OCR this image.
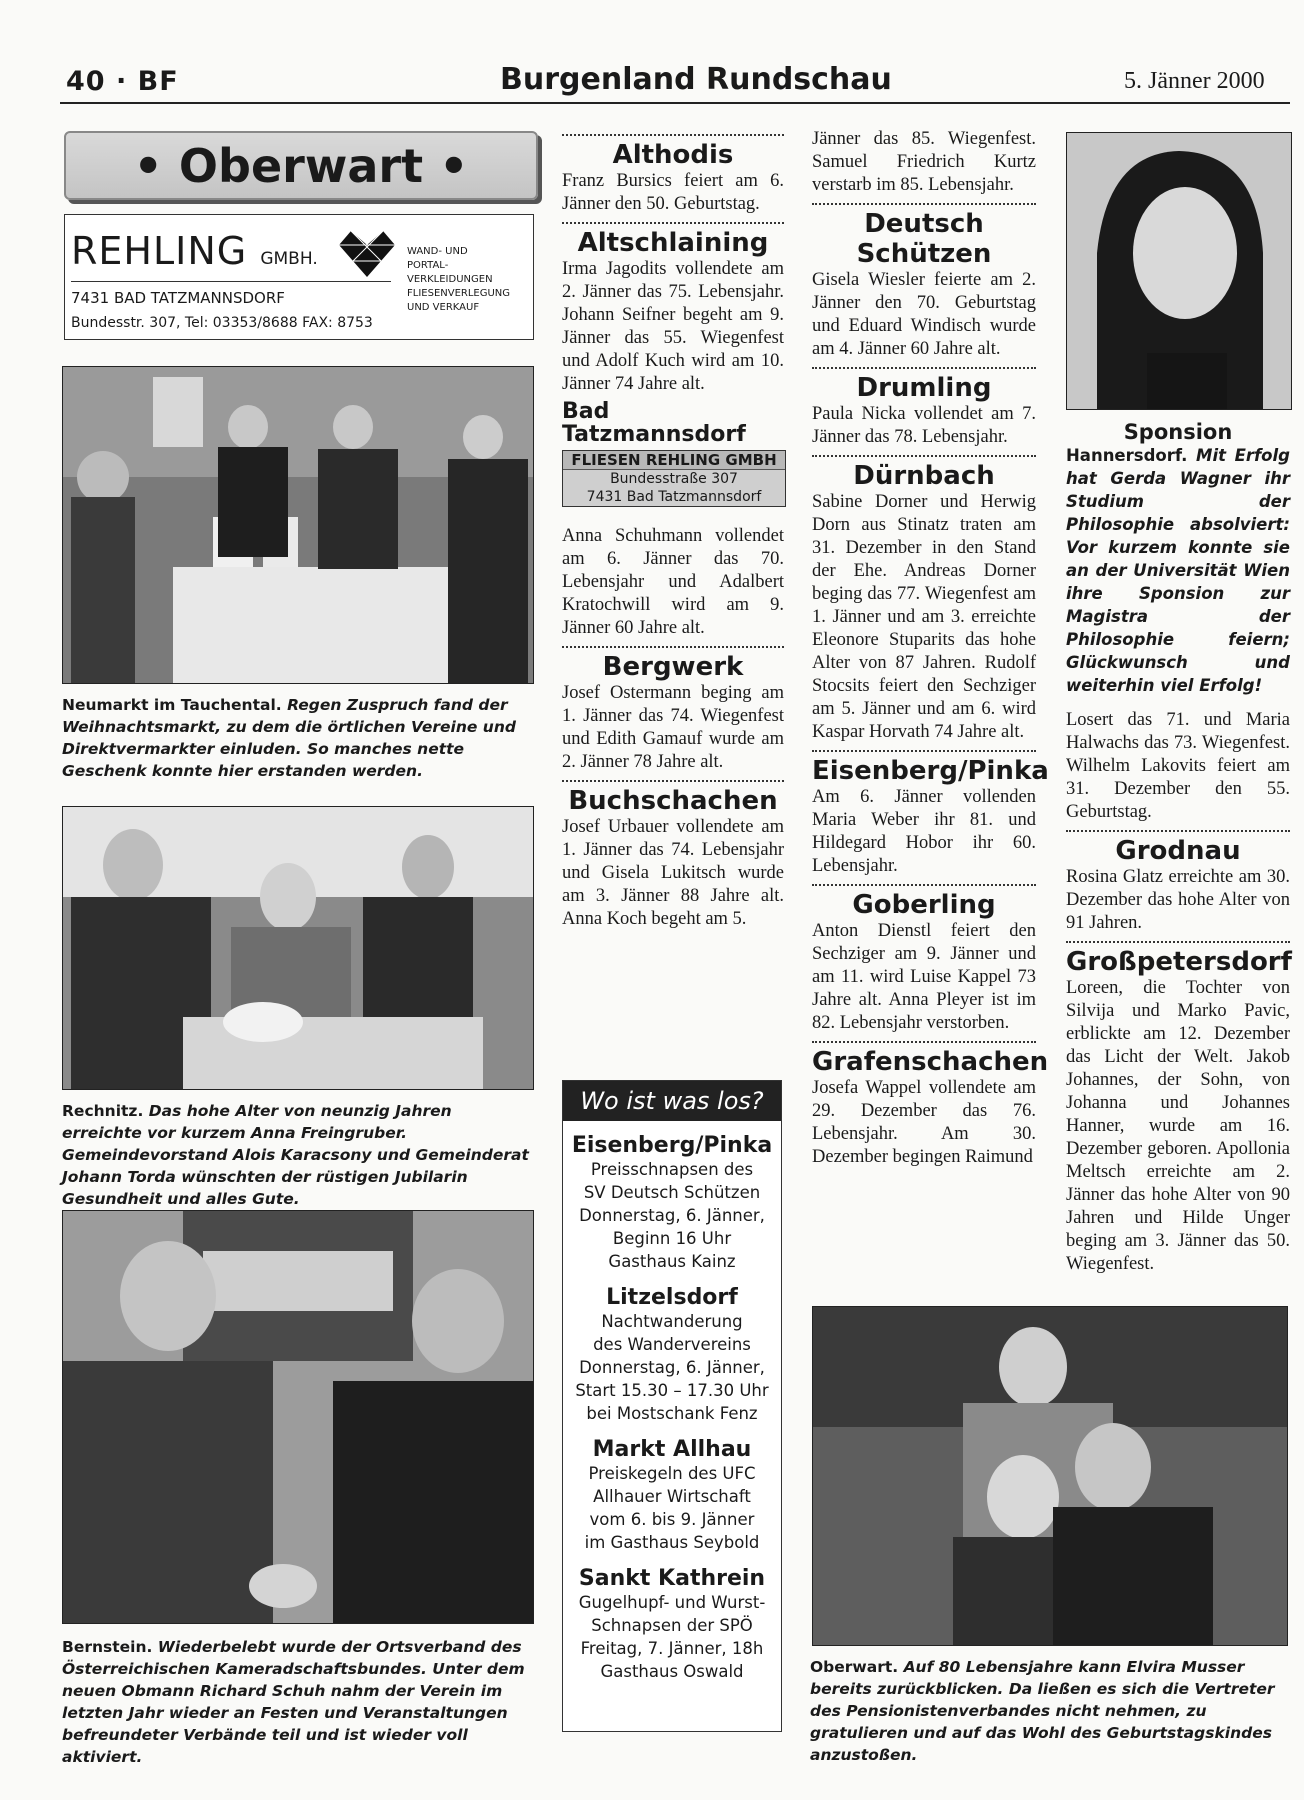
40 · BF	Burgenland Rundschau	5. Jänner 2000
• Oberwart •
REHLING GMBH.	WAND- UND
PORTAL-
VERKLEIDUNGEN
FLIESENVERLEGUNG
UND VERKAUF
7431 BAD TATZMANNSDORF
Bundesstr. 307, Tel: 03353/8688 FAX: 8753
Neumarkt im Tauchental. Regen Zuspruch fand der Weihnachtsmarkt, zu dem die örtlichen Vereine und Direktvermarkter einluden. So manches nette Geschenk konnte hier erstanden werden.
Rechnitz. Das hohe Alter von neunzig Jahren erreichte vor kurzem Anna Freingruber. Gemeindevorstand Alois Karacsony und Gemeinderat Johann Torda wünschten der rüstigen Jubilarin Gesundheit und alles Gute.
Bernstein. Wiederbelebt wurde der Ortsverband des Österreichischen Kameradschaftsbundes. Unter dem neuen Obmann Richard Schuh nahm der Verein im letzten Jahr wieder an Festen und Veranstaltungen befreundeter Verbände teil und ist wieder voll aktiviert.
Althodis
Franz Bursics feiert am 6. Jänner den 50. Geburtstag.
Altschlaining
Irma Jagodits vollendete am 2. Jänner das 75. Lebensjahr. Johann Seifner begeht am 9. Jänner das 55. Wiegenfest und Adolf Kuch wird am 10. Jänner 74 Jahre alt.
Bad Tatzmannsdorf
FLIESEN REHLING GMBH
Bundesstraße 307
7431 Bad Tatzmannsdorf
Anna Schuhmann vollendet am 6. Jänner das 70. Lebensjahr und Adalbert Kratochwill wird am 9. Jänner 60 Jahre alt.
Bergwerk
Josef Ostermann beging am 1. Jänner das 74. Wiegenfest und Edith Gamauf wurde am 2. Jänner 78 Jahre alt.
Buchschachen
Josef Urbauer vollendete am 1. Jänner das 74. Lebensjahr und Gisela Lukitsch wurde am 3. Jänner 88 Jahre alt. Anna Koch begeht am 5.
Wo ist was los?
Eisenberg/Pinka
Preisschnapsen des
SV Deutsch Schützen
Donnerstag, 6. Jänner,
Beginn 16 Uhr
Gasthaus Kainz
Litzelsdorf
Nachtwanderung
des Wandervereins
Donnerstag, 6. Jänner,
Start 15.30 – 17.30 Uhr
bei Mostschank Fenz
Markt Allhau
Preiskegeln des UFC
Allhauer Wirtschaft
vom 6. bis 9. Jänner
im Gasthaus Seybold
Sankt Kathrein
Gugelhupf- und Wurst-
Schnapsen der SPÖ
Freitag, 7. Jänner, 18h
Gasthaus Oswald
Jänner das 85. Wiegenfest. Samuel Friedrich Kurtz verstarb im 85. Lebensjahr.
Deutsch Schützen
Gisela Wiesler feierte am 2. Jänner den 70. Geburtstag und Eduard Windisch wurde am 4. Jänner 60 Jahre alt.
Drumling
Paula Nicka vollendet am 7. Jänner das 78. Lebensjahr.
Dürnbach
Sabine Dorner und Herwig Dorn aus Stinatz traten am 31. Dezember in den Stand der Ehe. Andreas Dorner beging das 77. Wiegenfest am 1. Jänner und am 3. erreichte Eleonore Stuparits das hohe Alter von 87 Jahren. Rudolf Stocsits feiert den Sechziger am 5. Jänner und am 6. wird Kaspar Horvath 74 Jahre alt.
Eisenberg/Pinka
Am 6. Jänner vollenden Maria Weber ihr 81. und Hildegard Hobor ihr 60. Lebensjahr.
Goberling
Anton Dienstl feiert den Sechziger am 9. Jänner und am 11. wird Luise Kappel 73 Jahre alt. Anna Pleyer ist im 82. Lebensjahr verstorben.
Grafenschachen
Josefa Wappel vollendete am 29. Dezember das 76. Lebensjahr. Am 30. Dezember begingen Raimund
Sponsion
Hannersdorf. Mit Erfolg hat Gerda Wagner ihr Studium der Philosophie absolviert: Vor kurzem konnte sie an der Universität Wien ihre Sponsion zur Magistra der Philosophie feiern; Glückwunsch und weiterhin viel Erfolg!
Losert das 71. und Maria Halwachs das 73. Wiegenfest. Wilhelm Lakovits feiert am 31. Dezember den 55. Geburtstag.
Grodnau
Rosina Glatz erreichte am 30. Dezember das hohe Alter von 91 Jahren.
Großpetersdorf
Loreen, die Tochter von Silvija und Marko Pavic, erblickte am 12. Dezember das Licht der Welt. Jakob Johannes, der Sohn, von Johanna und Johannes Hanner, wurde am 16. Dezember geboren. Apollonia Meltsch erreichte am 2. Jänner das hohe Alter von 90 Jahren und Hilde Unger beging am 3. Jänner das 50. Wiegenfest.
Oberwart. Auf 80 Lebensjahre kann Elvira Musser bereits zurückblicken. Da ließen es sich die Vertreter des Pensionistenverbandes nicht nehmen, zu gratulieren und auf das Wohl des Geburtstagskindes anzustoßen.
